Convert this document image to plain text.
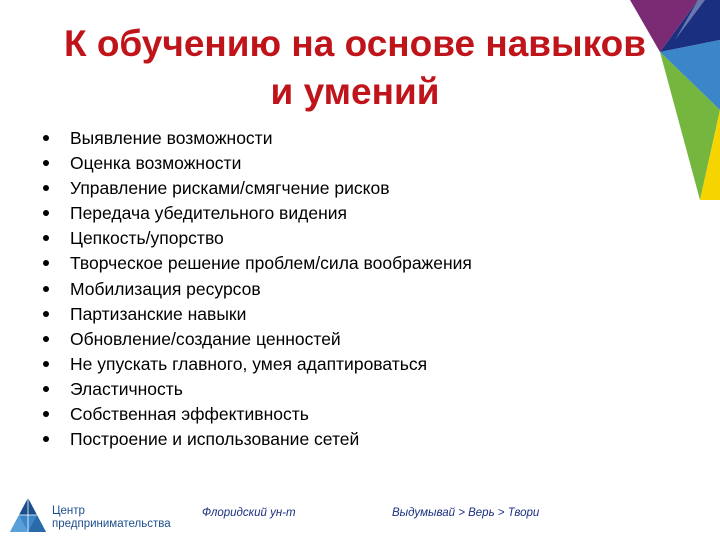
К обучению на основе навыков
и умений
Выявление возможности
Оценка возможности
Управление рисками/смягчение рисков
Передача убедительного видения
Цепкость/упорство
Творческое решение проблем/сила воображения
Мобилизация ресурсов
Партизанские навыки
Обновление/создание ценностей
Не упускать главного, умея адаптироваться
Эластичность
Собственная эффективность
Построение и использование сетей
Центр
предпринимательства
Флоридский ун-т	Выдумывай > Верь > Твори
